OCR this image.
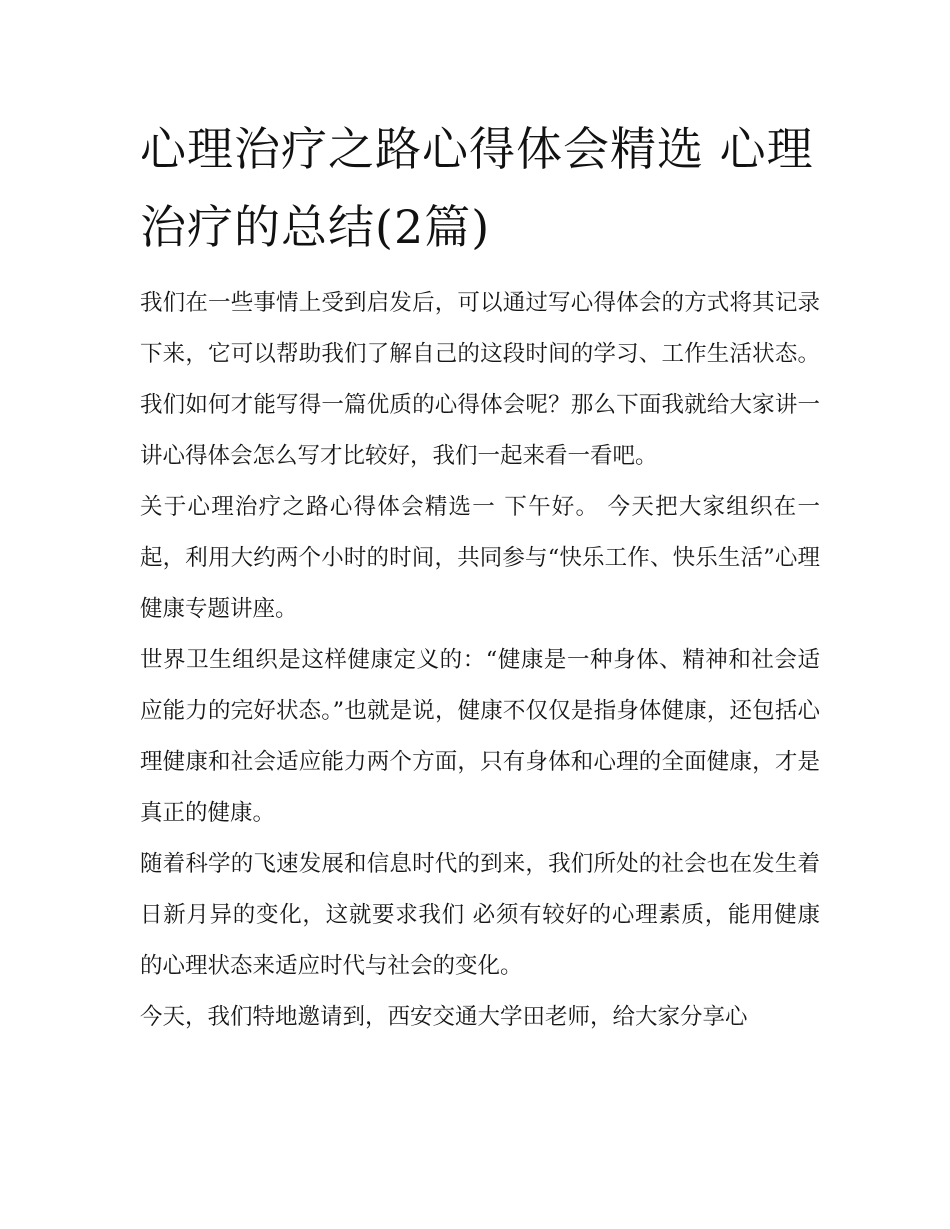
心理治疗之路心得体会精选 心理治疗的总结(2篇)

我们在一些事情上受到启发后，可以通过写心得体会的方式将其记录下来，它可以帮助我们了解自己的这段时间的学习、工作生活状态。我们如何才能写得一篇优质的心得体会呢？那么下面我就给大家讲一讲心得体会怎么写才比较好，我们一起来看一看吧。

关于心理治疗之路心得体会精选一 下午好。 今天把大家组织在一起，利用大约两个小时的时间，共同参与“快乐工作、快乐生活”心理健康专题讲座。

世界卫生组织是这样健康定义的：“健康是一种身体、精神和社会适应能力的完好状态。”也就是说，健康不仅仅是指身体健康，还包括心理健康和社会适应能力两个方面，只有身体和心理的全面健康，才是真正的健康。

随着科学的飞速发展和信息时代的到来，我们所处的社会也在发生着日新月异的变化，这就要求我们 必须有较好的心理素质，能用健康的心理状态来适应时代与社会的变化。

今天，我们特地邀请到，西安交通大学田老师，给大家分享心
